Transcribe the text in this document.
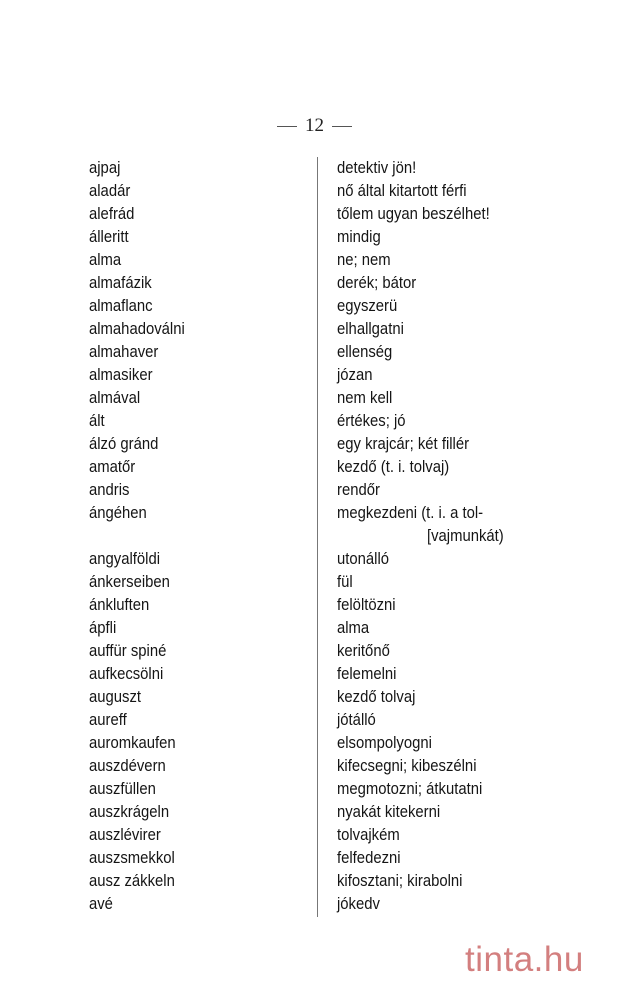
12
ajpaj
aladár
alefrád
álleritt
alma
almafázik
almaflanc
almahadoválni
almahaver
almasiker
almával
ált
álzó gránd
amatőr
andris
ángéhen
angyalföldi
ánkerseiben
ánkluften
ápfli
auffür spiné
aufkecsölni
auguszt
aureff
auromkaufen
auszdévern
auszfüllen
auszkrágeln
auszlévirer
auszsmekkol
ausz zákkeln
avé
detektiv jön!
nő által kitartott férfi
tőlem ugyan beszélhet!
mindig
ne; nem
derék; bátor
egyszerü
elhallgatni
ellenség
józan
nem kell
értékes; jó
egy krajcár; két fillér
kezdő (t. i. tolvaj)
rendőr
megkezdeni (t. i. a tol-
[vajmunkát)
utonálló
fül
felöltözni
alma
keritőnő
felemelni
kezdő tolvaj
jótálló
elsompolyogni
kifecsegni; kibeszélni
megmotozni; átkutatni
nyakát kitekerni
tolvajkém
felfedezni
kifosztani; kirabolni
jókedv
tinta.hu
